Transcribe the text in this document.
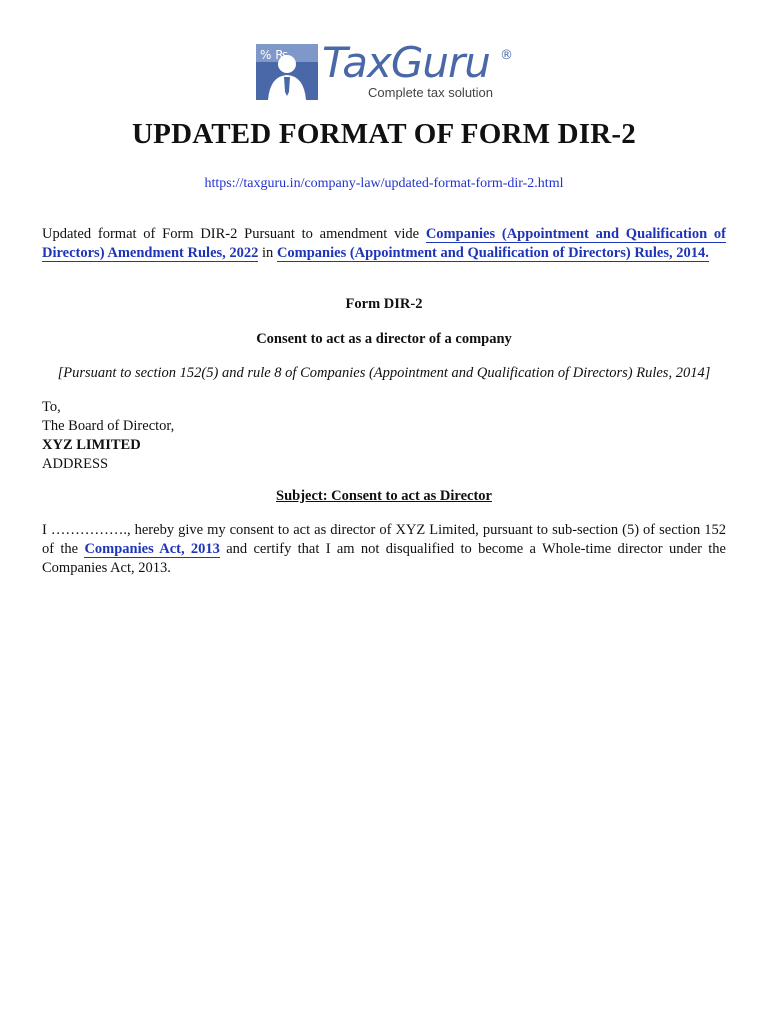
% ₨ TaxGuru ®
Complete tax solution
UPDATED FORMAT OF FORM DIR-2
https://taxguru.in/company-law/updated-format-form-dir-2.html

Updated format of Form DIR-2 Pursuant to amendment vide Companies (Appointment and Qualification of Directors) Amendment Rules, 2022 in Companies (Appointment and Qualification of Directors) Rules, 2014.

Form DIR-2

Consent to act as a director of a company

[Pursuant to section 152(5) and rule 8 of Companies (Appointment and Qualification of Directors) Rules, 2014]

To,
The Board of Director,
XYZ LIMITED
ADDRESS

Subject: Consent to act as Director

I ……………., hereby give my consent to act as director of XYZ Limited, pursuant to sub-section (5) of section 152 of the Companies Act, 2013 and certify that I am not disqualified to become a Whole-time director under the Companies Act, 2013.
